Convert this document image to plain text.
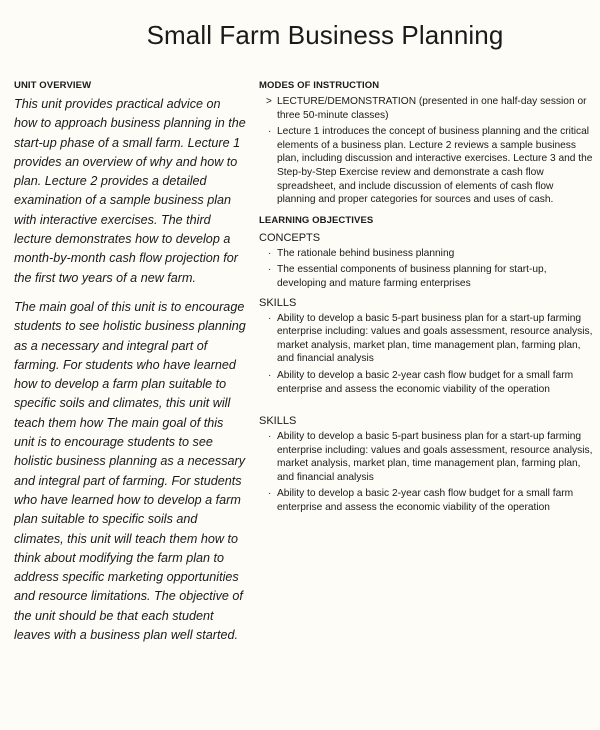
Small Farm Business Planning
UNIT OVERVIEW

This unit provides practical advice on how to approach business planning in the start-up phase of a small farm. Lecture 1 provides an overview of why and how to plan. Lecture 2 provides a detailed examination of a sample business plan with interactive exercises. The third lecture demonstrates how to develop a month-by-month cash flow projection for the first two years of a new farm.

The main goal of this unit is to encourage students to see holistic business planning as a necessary and integral part of farming. For students who have learned how to develop a farm plan suitable to specific soils and climates, this unit will teach them how The main goal of this unit is to encourage students to see holistic business planning as a necessary and integral part of farming. For students who have learned how to develop a farm plan suitable to specific soils and climates, this unit will teach them how to think about modifying the farm plan to address specific marketing opportunities and resource limitations. The objective of the unit should be that each student leaves with a business plan well started.

MODES OF INSTRUCTION
> LECTURE/DEMONSTRATION (presented in one half-day session or three 50-minute classes)
· Lecture 1 introduces the concept of business planning and the critical elements of a business plan. Lecture 2 reviews a sample business plan, including discussion and interactive exercises. Lecture 3 and the Step-by-Step Exercise review and demonstrate a cash flow spreadsheet, and include discussion of elements of cash flow planning and proper categories for sources and uses of cash.
LEARNING OBJECTIVES
CONCEPTS
· The rationale behind business planning
· The essential components of business planning for start-up, developing and mature farming enterprises
SKILLS
· Ability to develop a basic 5-part business plan for a start-up farming enterprise including: values and goals assessment, resource analysis, market analysis, market plan, time management plan, farming plan, and financial analysis
· Ability to develop a basic 2-year cash flow budget for a small farm enterprise and assess the economic viability of the operation
SKILLS
· Ability to develop a basic 5-part business plan for a start-up farming enterprise including: values and goals assessment, resource analysis, market analysis, market plan, time management plan, farming plan, and financial analysis
· Ability to develop a basic 2-year cash flow budget for a small farm enterprise and assess the economic viability of the operation
